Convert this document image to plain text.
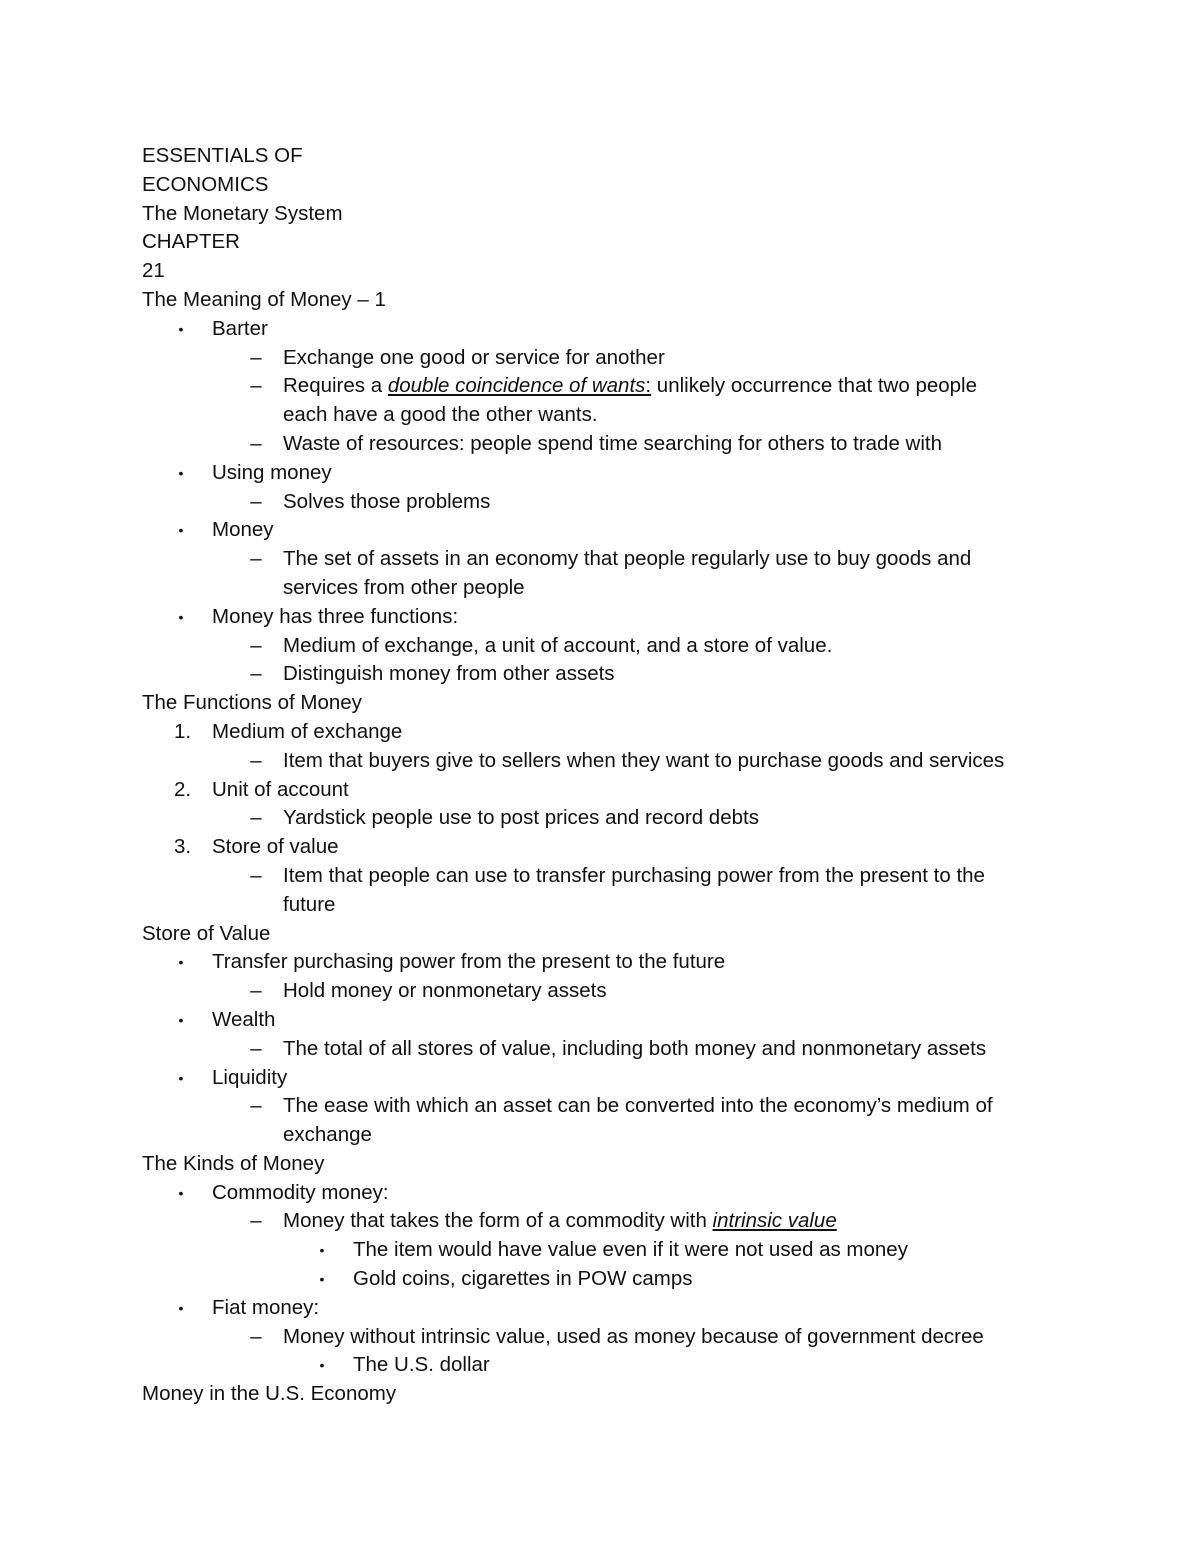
ESSENTIALS OF
ECONOMICS
The Monetary System
CHAPTER
21
The Meaning of Money – 1
• Barter
– Exchange one good or service for another
– Requires a double coincidence of wants: unlikely occurrence that two people
each have a good the other wants.
– Waste of resources: people spend time searching for others to trade with
• Using money
– Solves those problems
• Money
– The set of assets in an economy that people regularly use to buy goods and
services from other people
• Money has three functions:
– Medium of exchange, a unit of account, and a store of value.
– Distinguish money from other assets
The Functions of Money
1.	Medium of exchange
– Item that buyers give to sellers when they want to purchase goods and services
2.	Unit of account
– Yardstick people use to post prices and record debts
3.	Store of value
– Item that people can use to transfer purchasing power from the present to the
future
Store of Value
• Transfer purchasing power from the present to the future
– Hold money or nonmonetary assets
• Wealth
– The total of all stores of value, including both money and nonmonetary assets
• Liquidity
– The ease with which an asset can be converted into the economy’s medium of
exchange
The Kinds of Money
• Commodity money:
– Money that takes the form of a commodity with intrinsic value
• The item would have value even if it were not used as money
• Gold coins, cigarettes in POW camps
• Fiat money:
– Money without intrinsic value, used as money because of government decree
• The U.S. dollar
Money in the U.S. Economy
